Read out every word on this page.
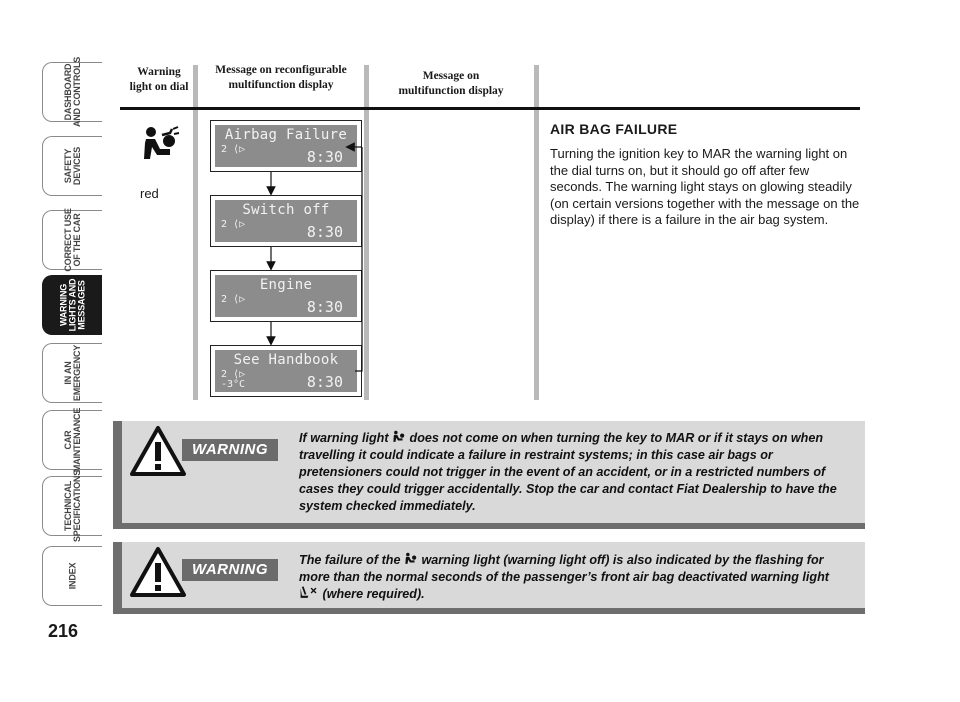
DASHBOARD
AND CONTROLS
SAFETY
DEVICES
CORRECT USE
OF THE CAR
WARNING
LIGHTS AND
MESSAGES
IN AN
EMERGENCY
CAR
MAINTENANCE
TECHNICAL
SPECIFICATIONS
INDEX
216
Warning
light on dial
Message on reconfigurable
multifunction display
Message on
multifunction display
red
Airbag Failure
2 ⟨▷	8:30
Switch off
2 ⟨▷	8:30
Engine
2 ⟨▷	8:30
See Handbook
2 ⟨▷
-3°C	8:30
AIR BAG FAILURE
Turning the ignition key to MAR the warning light on the dial turns on, but it should go off after few seconds. The warning light stays on glowing steadily (on certain versions together with the message on the display) if there is a failure in the air bag system.
WARNING
If warning light  does not come on when turning the key to MAR or if it stays on when travelling it could indicate a failure in restraint systems; in this case air bags or pretensioners could not trigger in the event of an accident, or in a restricted numbers of cases they could trigger accidentally. Stop the car and contact Fiat Dealership to have the system checked immediately.
WARNING
The failure of the  warning light (warning light off) is also indicated by the flashing for more than the normal seconds of the passenger’s front air bag deactivated warning light  (where required).
